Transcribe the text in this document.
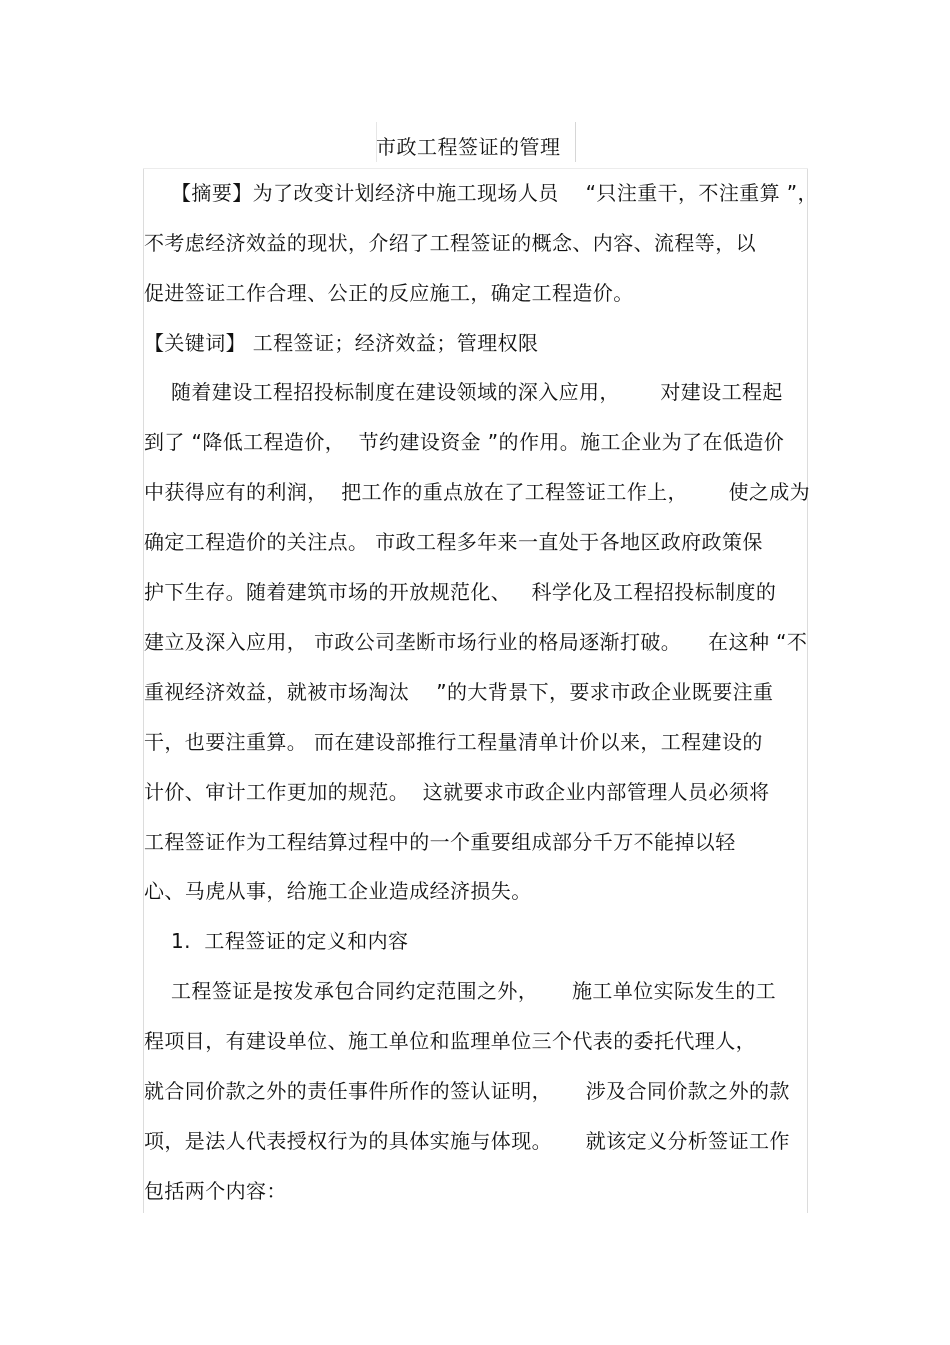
市政工程签证的管理
【摘要】为了改变计划经济中施工现场人员    “只注重干，不注重算 ”，
不考虑经济效益的现状，介绍了工程签证的概念、内容、流程等，以
促进签证工作合理、公正的反应施工，确定工程造价。
【关键词】 工程签证；经济效益；管理权限
随着建设工程招投标制度在建设领域的深入应用，      对建设工程起
到了 “降低工程造价，  节约建设资金 ”的作用。施工企业为了在低造价
中获得应有的利润，  把工作的重点放在了工程签证工作上，      使之成为
确定工程造价的关注点。 市政工程多年来一直处于各地区政府政策保
护下生存。随着建筑市场的开放规范化、   科学化及工程招投标制度的
建立及深入应用， 市政公司垄断市场行业的格局逐渐打破。    在这种 “不
重视经济效益，就被市场淘汰    ”的大背景下，要求市政企业既要注重
干，也要注重算。 而在建设部推行工程量清单计价以来，工程建设的
计价、审计工作更加的规范。  这就要求市政企业内部管理人员必须将
工程签证作为工程结算过程中的一个重要组成部分千万不能掉以轻
心、马虎从事，给施工企业造成经济损失。
1.  工程签证的定义和内容
工程签证是按发承包合同约定范围之外，     施工单位实际发生的工
程项目，有建设单位、施工单位和监理单位三个代表的委托代理人，
就合同价款之外的责任事件所作的签认证明，     涉及合同价款之外的款
项，是法人代表授权行为的具体实施与体现。     就该定义分析签证工作
包括两个内容：
